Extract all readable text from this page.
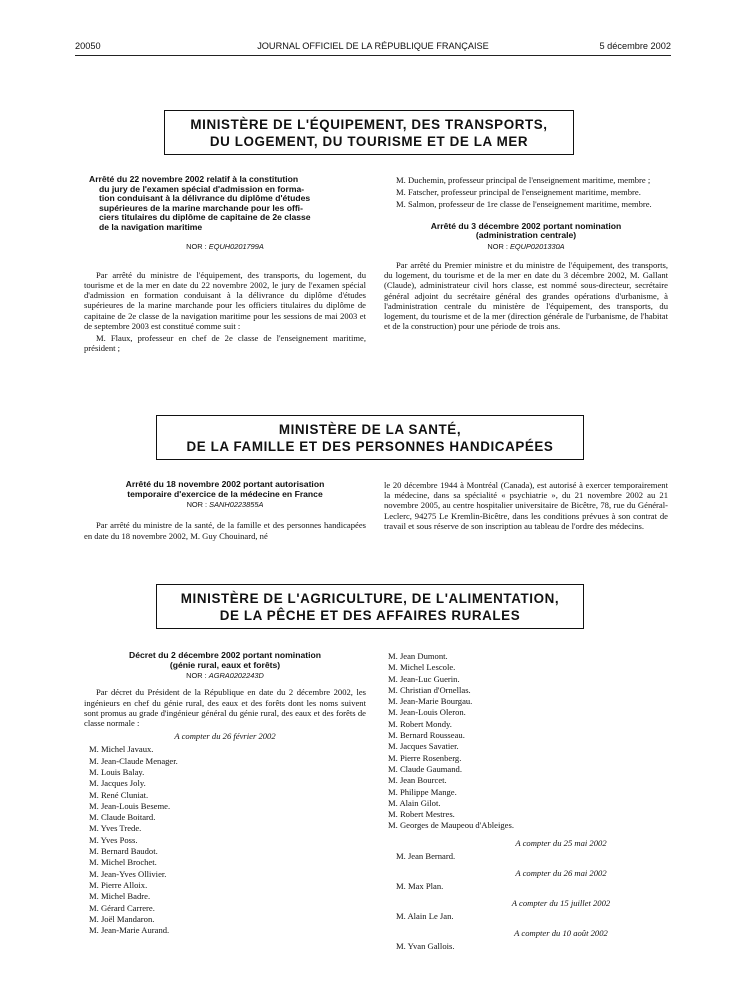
20050	JOURNAL OFFICIEL DE LA RÉPUBLIQUE FRANÇAISE	5 décembre 2002
MINISTÈRE DE L'ÉQUIPEMENT, DES TRANSPORTS,
DU LOGEMENT, DU TOURISME ET DE LA MER
Arrêté du 22 novembre 2002 relatif à la constitution
du jury de l'examen spécial d'admission en forma-
tion conduisant à la délivrance du diplôme d'études
supérieures de la marine marchande pour les offi-
ciers titulaires du diplôme de capitaine de 2e classe
de la navigation maritime
NOR : EQUH0201799A

Par arrêté du ministre de l'équipement, des transports, du logement, du tourisme et de la mer en date du 22 novembre 2002, le jury de l'examen spécial d'admission en formation conduisant à la délivrance du diplôme d'études supérieures de la marine marchande pour les officiers titulaires du diplôme de capitaine de 2e classe de la navigation maritime pour les sessions de mai 2003 et de septembre 2003 est constitué comme suit :

M. Flaux, professeur en chef de 2e classe de l'enseignement maritime, président ;

M. Duchemin, professeur principal de l'enseignement maritime, membre ;

M. Fatscher, professeur principal de l'enseignement maritime, membre.

M. Salmon, professeur de 1re classe de l'enseignement maritime, membre.

Arrêté du 3 décembre 2002 portant nomination
(administration centrale)
NOR : EQUP0201330A

Par arrêté du Premier ministre et du ministre de l'équipement, des transports, du logement, du tourisme et de la mer en date du 3 décembre 2002, M. Gallant (Claude), administrateur civil hors classe, est nommé sous-directeur, secrétaire général adjoint du secrétaire général des grandes opérations d'urbanisme, à l'administration centrale du ministère de l'équipement, des transports, du logement, du tourisme et de la mer (direction générale de l'urbanisme, de l'habitat et de la construction) pour une période de trois ans.

MINISTÈRE DE LA SANTÉ,
DE LA FAMILLE ET DES PERSONNES HANDICAPÉES
Arrêté du 18 novembre 2002 portant autorisation
temporaire d'exercice de la médecine en France
NOR : SANH0223855A

Par arrêté du ministre de la santé, de la famille et des personnes handicapées en date du 18 novembre 2002, M. Guy Chouinard, né

le 20 décembre 1944 à Montréal (Canada), est autorisé à exercer temporairement la médecine, dans sa spécialité « psychiatrie », du 21 novembre 2002 au 21 novembre 2005, au centre hospitalier universitaire de Bicêtre, 78, rue du Général-Leclerc, 94275 Le Kremlin-Bicêtre, dans les conditions prévues à son contrat de travail et sous réserve de son inscription au tableau de l'ordre des médecins.

MINISTÈRE DE L'AGRICULTURE, DE L'ALIMENTATION,
DE LA PÊCHE ET DES AFFAIRES RURALES
Décret du 2 décembre 2002 portant nomination
(génie rural, eaux et forêts)
NOR : AGRA0202243D

Par décret du Président de la République en date du 2 décembre 2002, les ingénieurs en chef du génie rural, des eaux et des forêts dont les noms suivent sont promus au grade d'ingénieur général du génie rural, des eaux et des forêts de classe normale :

A compter du 26 février 2002
M. Michel Javaux.
M. Jean-Claude Menager.
M. Louis Balay.
M. Jacques Joly.
M. René Cluniat.
M. Jean-Louis Beseme.
M. Claude Boitard.
M. Yves Trede.
M. Yves Poss.
M. Bernard Baudot.
M. Michel Brochet.
M. Jean-Yves Ollivier.
M. Pierre Alloix.
M. Michel Badre.
M. Gérard Carrere.
M. Joël Mandaron.
M. Jean-Marie Aurand.
M. Jean Dumont.
M. Michel Lescole.
M. Jean-Luc Guerin.
M. Christian d'Ornellas.
M. Jean-Marie Bourgau.
M. Jean-Louis Oleron.
M. Robert Mondy.
M. Bernard Rousseau.
M. Jacques Savatier.
M. Pierre Rosenberg.
M. Claude Gaumand.
M. Jean Bourcet.
M. Philippe Mange.
M. Alain Gilot.
M. Robert Mestres.
M. Georges de Maupeou d'Ableiges.
A compter du 25 mai 2002
M. Jean Bernard.
A compter du 26 mai 2002
M. Max Plan.
A compter du 15 juillet 2002
M. Alain Le Jan.
A compter du 10 août 2002
M. Yvan Gallois.
